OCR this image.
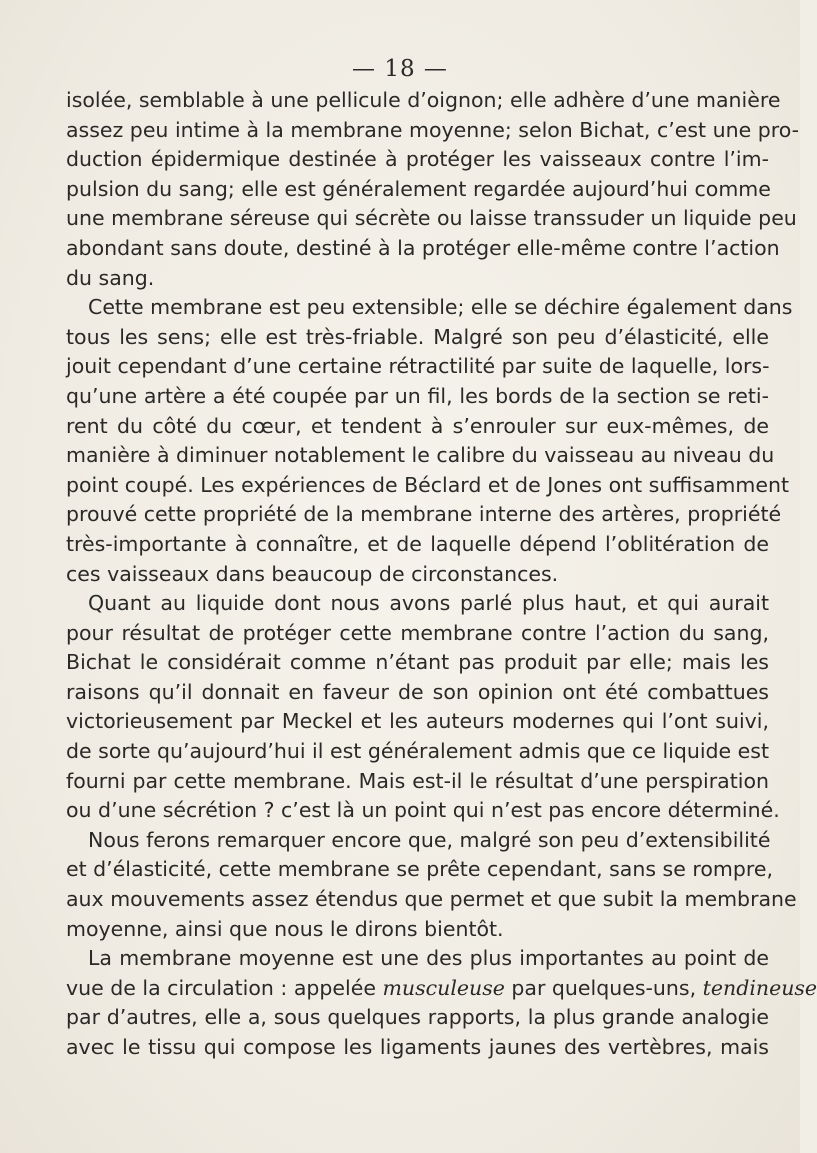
— 18 —
isolée, semblable à une pellicule d’oignon; elle adhère d’une manière
assez peu intime à la membrane moyenne; selon Bichat, c’est une pro-
duction épidermique destinée à protéger les vaisseaux contre l’im-
pulsion du sang; elle est généralement regardée aujourd’hui comme
une membrane séreuse qui sécrète ou laisse transsuder un liquide peu
abondant sans doute, destiné à la protéger elle-même contre l’action
du sang.
Cette membrane est peu extensible; elle se déchire également dans
tous les sens; elle est très-friable. Malgré son peu d’élasticité, elle
jouit cependant d’une certaine rétractilité par suite de laquelle, lors-
qu’une artère a été coupée par un fil, les bords de la section se reti-
rent du côté du cœur, et tendent à s’enrouler sur eux-mêmes, de
manière à diminuer notablement le calibre du vaisseau au niveau du
point coupé. Les expériences de Béclard et de Jones ont suffisamment
prouvé cette propriété de la membrane interne des artères, propriété
très-importante à connaître, et de laquelle dépend l’oblitération de
ces vaisseaux dans beaucoup de circonstances.
Quant au liquide dont nous avons parlé plus haut, et qui aurait
pour résultat de protéger cette membrane contre l’action du sang,
Bichat le considérait comme n’étant pas produit par elle; mais les
raisons qu’il donnait en faveur de son opinion ont été combattues
victorieusement par Meckel et les auteurs modernes qui l’ont suivi,
de sorte qu’aujourd’hui il est généralement admis que ce liquide est
fourni par cette membrane. Mais est-il le résultat d’une perspiration
ou d’une sécrétion ? c’est là un point qui n’est pas encore déterminé.
Nous ferons remarquer encore que, malgré son peu d’extensibilité
et d’élasticité, cette membrane se prête cependant, sans se rompre,
aux mouvements assez étendus que permet et que subit la membrane
moyenne, ainsi que nous le dirons bientôt.
La membrane moyenne est une des plus importantes au point de
vue de la circulation : appelée musculeuse par quelques-uns, tendineuse
par d’autres, elle a, sous quelques rapports, la plus grande analogie
avec le tissu qui compose les ligaments jaunes des vertèbres, mais
